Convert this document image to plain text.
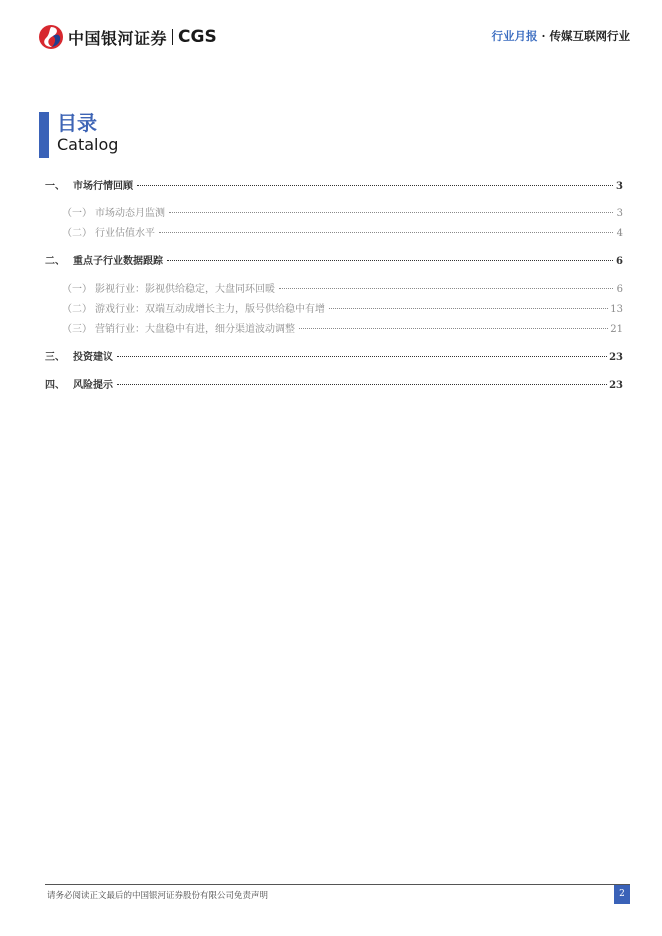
中国银河证券 CGS	行业月报 · 传媒互联网行业
目录
Catalog
一、 市场行情回顾	3
（一） 市场动态月监测	3
（二） 行业估值水平	4
二、 重点子行业数据跟踪	6
（一） 影视行业：影视供给稳定，大盘同环回暖	6
（二） 游戏行业：双端互动成增长主力，版号供给稳中有增	13
（三） 营销行业：大盘稳中有进，细分渠道波动调整	21
三、 投资建议	23
四、 风险提示	23
请务必阅读正文最后的中国银河证券股份有限公司免责声明	2
